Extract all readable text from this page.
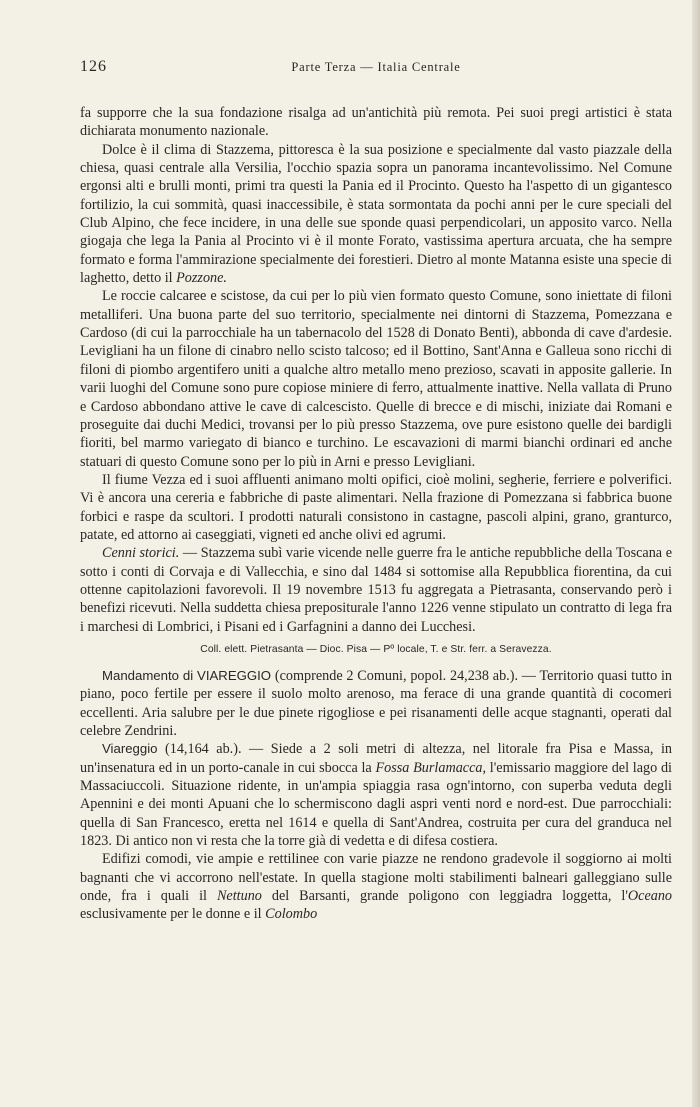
126	Parte Terza — Italia Centrale

fa supporre che la sua fondazione risalga ad un'antichità più remota. Pei suoi pregi artistici è stata dichiarata monumento nazionale.

Dolce è il clima di Stazzema, pittoresca è la sua posizione e specialmente dal vasto piazzale della chiesa, quasi centrale alla Versilia, l'occhio spazia sopra un panorama incantevolissimo. Nel Comune ergonsi alti e brulli monti, primi tra questi la Pania ed il Procinto. Questo ha l'aspetto di un gigantesco fortilizio, la cui sommità, quasi inaccessibile, è stata sormontata da pochi anni per le cure speciali del Club Alpino, che fece incidere, in una delle sue sponde quasi perpendicolari, un apposito varco. Nella giogaja che lega la Pania al Procinto vi è il monte Forato, vastissima apertura arcuata, che ha sempre formato e forma l'ammirazione specialmente dei forestieri. Dietro al monte Matanna esiste una specie di laghetto, detto il Pozzone.

Le roccie calcaree e scistose, da cui per lo più vien formato questo Comune, sono iniettate di filoni metalliferi. Una buona parte del suo territorio, specialmente nei dintorni di Stazzema, Pomezzana e Cardoso (di cui la parrocchiale ha un tabernacolo del 1528 di Donato Benti), abbonda di cave d'ardesie. Levigliani ha un filone di cinabro nello scisto talcoso; ed il Bottino, Sant'Anna e Galleua sono ricchi di filoni di piombo argentifero uniti a qualche altro metallo meno prezioso, scavati in apposite gallerie. In varii luoghi del Comune sono pure copiose miniere di ferro, attualmente inattive. Nella vallata di Pruno e Cardoso abbondano attive le cave di calcescisto. Quelle di brecce e di mischi, iniziate dai Romani e proseguite dai duchi Medici, trovansi per lo più presso Stazzema, ove pure esistono quelle dei bardigli fioriti, bel marmo variegato di bianco e turchino. Le escavazioni di marmi bianchi ordinari ed anche statuari di questo Comune sono per lo più in Arni e presso Levigliani.

Il fiume Vezza ed i suoi affluenti animano molti opifici, cioè molini, segherie, ferriere e polverifici. Vi è ancora una cereria e fabbriche di paste alimentari. Nella frazione di Pomezzana si fabbrica buone forbici e raspe da scultori. I prodotti naturali consistono in castagne, pascoli alpini, grano, granturco, patate, ed attorno ai caseggiati, vigneti ed anche olivi ed agrumi.

Cenni storici. — Stazzema subì varie vicende nelle guerre fra le antiche repubbliche della Toscana e sotto i conti di Corvaja e di Vallecchia, e sino dal 1484 si sottomise alla Repubblica fiorentina, da cui ottenne capitolazioni favorevoli. Il 19 novembre 1513 fu aggregata a Pietrasanta, conservando però i benefizi ricevuti. Nella suddetta chiesa prepositurale l'anno 1226 venne stipulato un contratto di lega fra i marchesi di Lombrici, i Pisani ed i Garfagnini a danno dei Lucchesi.

Coll. elett. Pietrasanta — Dioc. Pisa — Pº locale, T. e Str. ferr. a Seravezza.

Mandamento di VIAREGGIO (comprende 2 Comuni, popol. 24,238 ab.). — Territorio quasi tutto in piano, poco fertile per essere il suolo molto arenoso, ma ferace di una grande quantità di cocomeri eccellenti. Aria salubre per le due pinete rigogliose e pei risanamenti delle acque stagnanti, operati dal celebre Zendrini.

Viareggio (14,164 ab.). — Siede a 2 soli metri di altezza, nel litorale fra Pisa e Massa, in un'insenatura ed in un porto-canale in cui sbocca la Fossa Burlamacca, l'emissario maggiore del lago di Massaciuccoli. Situazione ridente, in un'ampia spiaggia rasa ogn'intorno, con superba veduta degli Apennini e dei monti Apuani che lo schermiscono dagli aspri venti nord e nord-est. Due parrocchiali: quella di San Francesco, eretta nel 1614 e quella di Sant'Andrea, costruita per cura del granduca nel 1823. Di antico non vi resta che la torre già di vedetta e di difesa costiera.

Edifizi comodi, vie ampie e rettilinee con varie piazze ne rendono gradevole il soggiorno ai molti bagnanti che vi accorrono nell'estate. In quella stagione molti stabilimenti balneari galleggiano sulle onde, fra i quali il Nettuno del Barsanti, grande poligono con leggiadra loggetta, l'Oceano esclusivamente per le donne e il Colombo
